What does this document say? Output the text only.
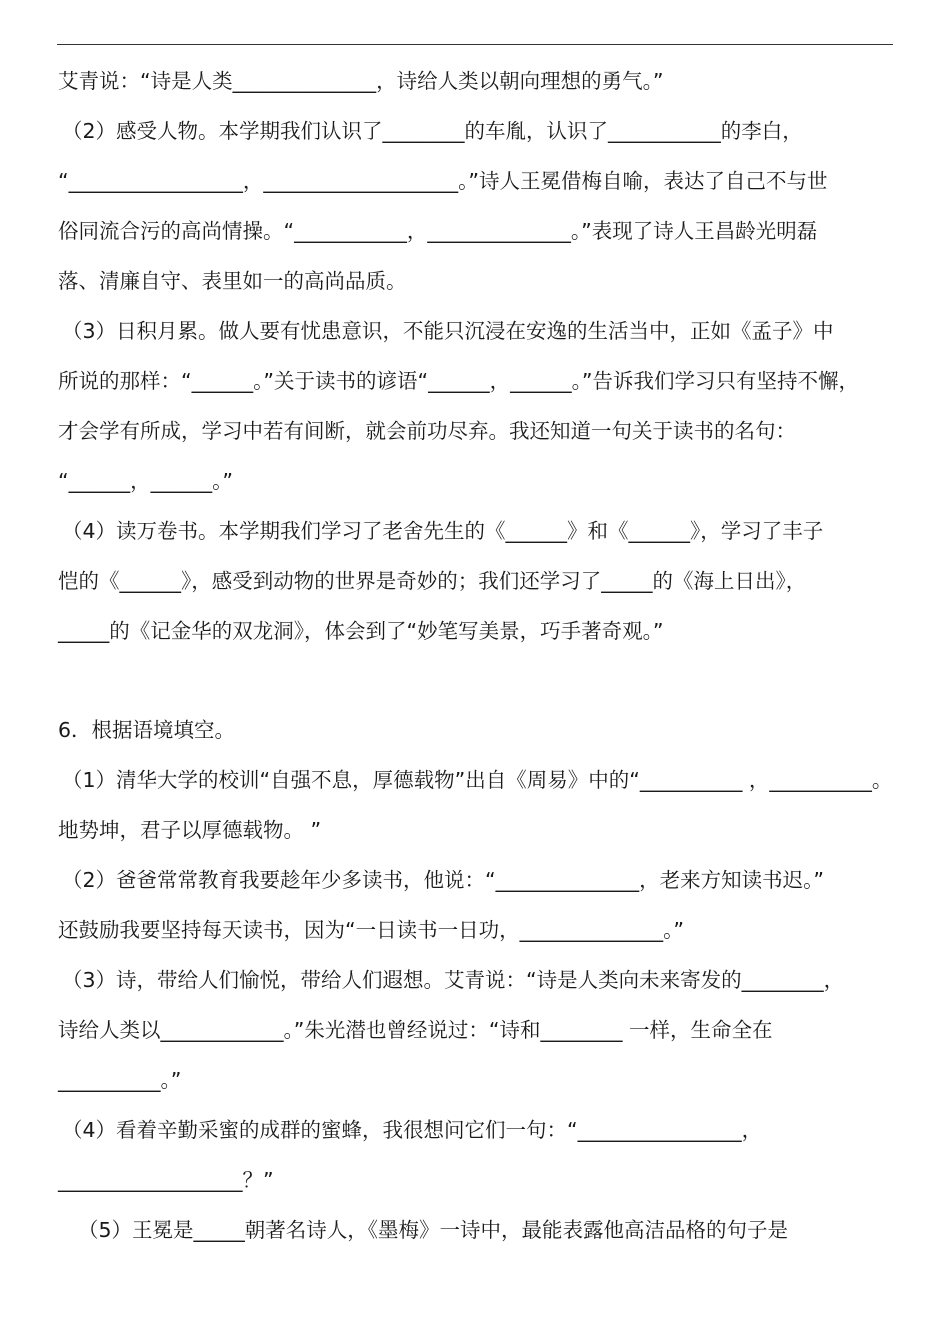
艾青说：“诗是人类______________，诗给人类以朝向理想的勇气。”
（2）感受人物。本学期我们认识了________的车胤，认识了___________的李白，
“_________________，___________________。”诗人王冕借梅自喻，表达了自己不与世
俗同流合污的高尚情操。“___________，______________。”表现了诗人王昌龄光明磊
落、清廉自守、表里如一的高尚品质。
（3）日积月累。做人要有忧患意识，不能只沉浸在安逸的生活当中，正如《孟子》中
所说的那样：“______。”关于读书的谚语“______，______。”告诉我们学习只有坚持不懈，
才会学有所成，学习中若有间断，就会前功尽弃。我还知道一句关于读书的名句：
“______，______。”
（4）读万卷书。本学期我们学习了老舍先生的《______》和《______》，学习了丰子
恺的《______》，感受到动物的世界是奇妙的；我们还学习了_____的《海上日出》，
_____的《记金华的双龙洞》，体会到了“妙笔写美景，巧手著奇观。”
6．根据语境填空。
（1）清华大学的校训“自强不息，厚德载物”出自《周易》中的“__________ ，__________。
地势坤，君子以厚德载物。 ”
（2）爸爸常常教育我要趁年少多读书，他说：“______________，老来方知读书迟。”
还鼓励我要坚持每天读书，因为“一日读书一日功，______________。”
（3）诗，带给人们愉悦，带给人们遐想。艾青说：“诗是人类向未来寄发的________，
诗给人类以____________。”朱光潜也曾经说过：“诗和________ 一样，生命全在
__________。”
（4）看着辛勤采蜜的成群的蜜蜂，我很想问它们一句：“________________，
__________________？”
（5）王冕是_____朝著名诗人，《墨梅》一诗中，最能表露他高洁品格的句子是
